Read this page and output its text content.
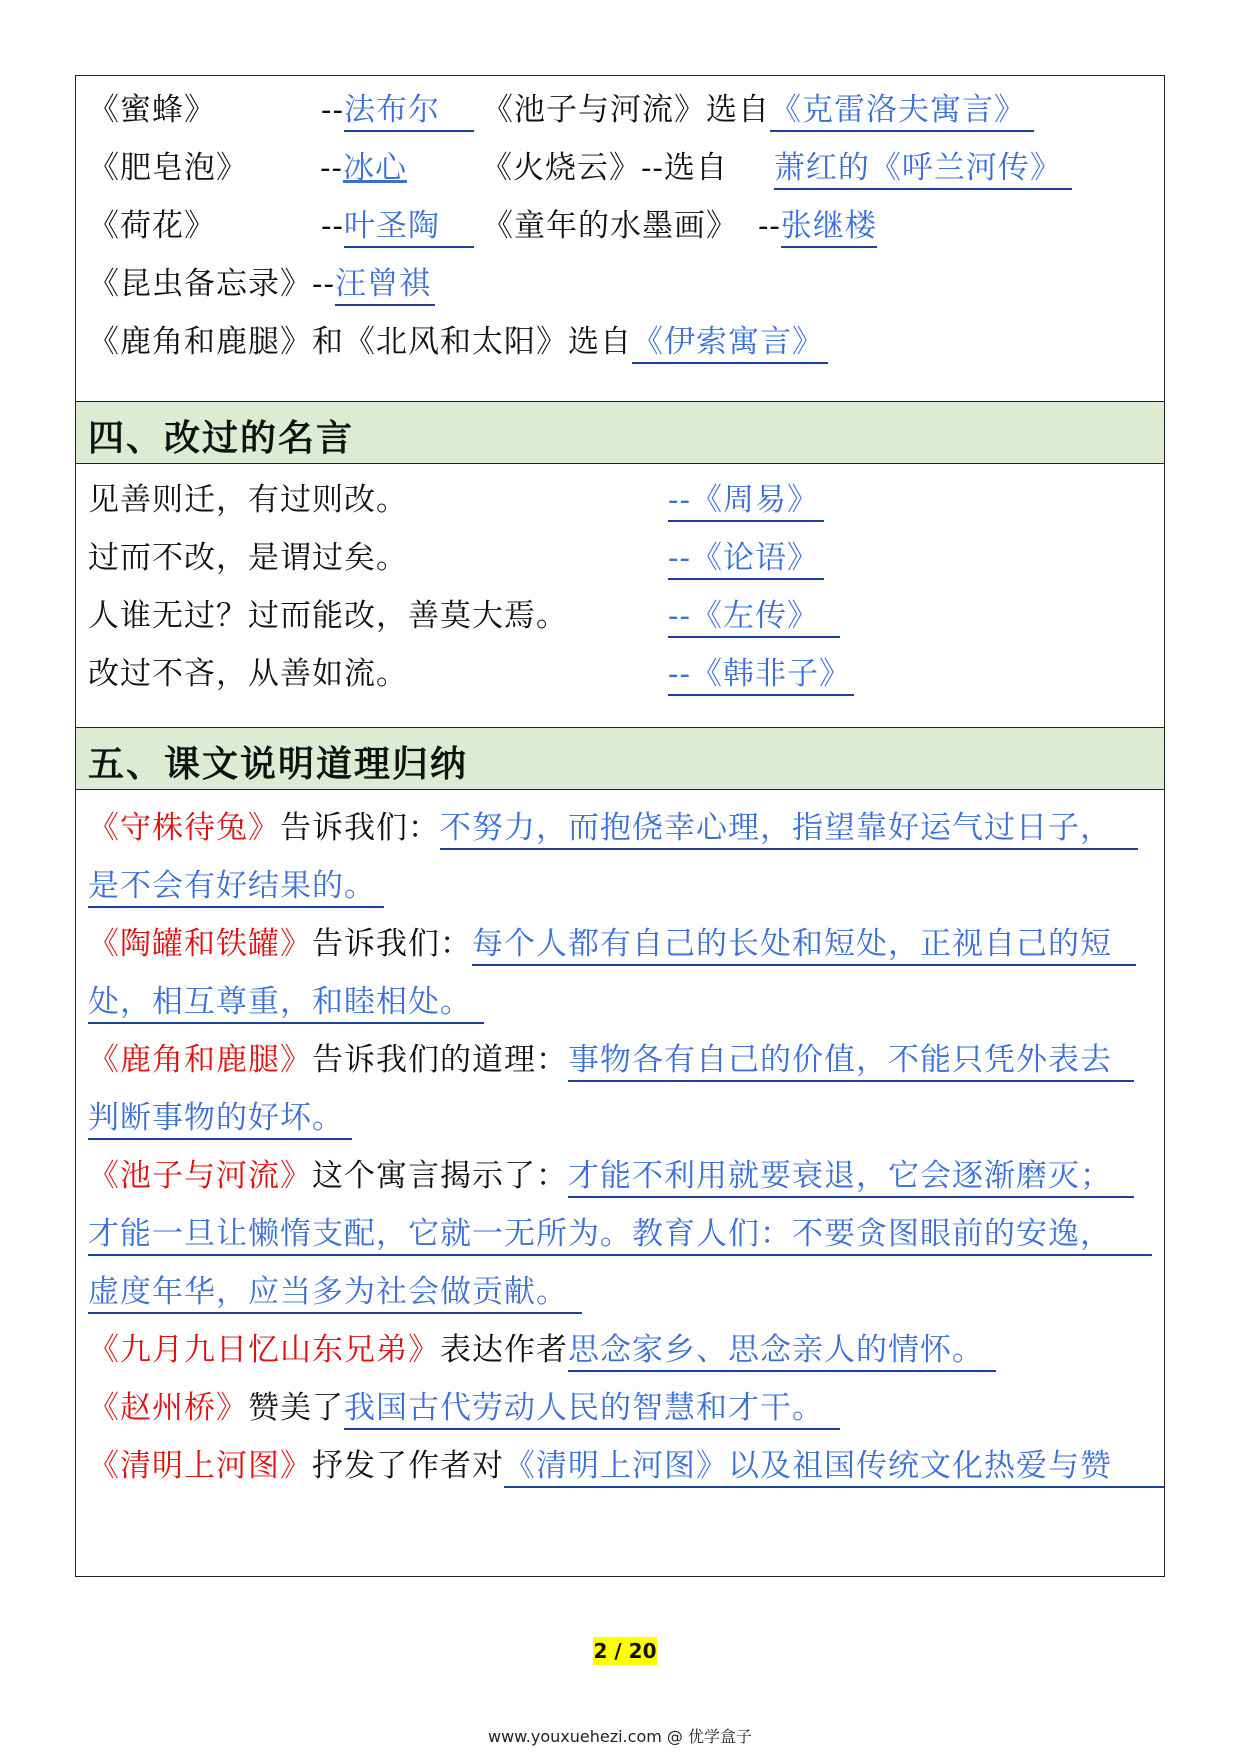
《蜜蜂》	--法布尔 《池子与河流》选自《克雷洛夫寓言》
《肥皂泡》 --冰心 《火烧云》--选自 萧红的《呼兰河传》
《荷花》	--叶圣陶 《童年的水墨画》 --张继楼
《昆虫备忘录》--汪曾祺
《鹿角和鹿腿》和《北风和太阳》选自《伊索寓言》
四、改过的名言
见善则迁，有过则改。	--《周易》
过而不改，是谓过矣。	--《论语》
人谁无过？过而能改，善莫大焉。	--《左传》
改过不吝，从善如流。	--《韩非子》
五、课文说明道理归纳
《守株待兔》告诉我们：不努力，而抱侥幸心理，指望靠好运气过日子，
是不会有好结果的。
《陶罐和铁罐》告诉我们：每个人都有自己的长处和短处，正视自己的短
处，相互尊重，和睦相处。
《鹿角和鹿腿》告诉我们的道理：事物各有自己的价值，不能只凭外表去
判断事物的好坏。
《池子与河流》这个寓言揭示了：才能不利用就要衰退，它会逐渐磨灭；
才能一旦让懒惰支配，它就一无所为。教育人们：不要贪图眼前的安逸，
虚度年华，应当多为社会做贡献。
《九月九日忆山东兄弟》表达作者思念家乡、思念亲人的情怀。
《赵州桥》赞美了我国古代劳动人民的智慧和才干。
《清明上河图》抒发了作者对《清明上河图》以及祖国传统文化热爱与赞
2 / 20
www.youxuehezi.com @ 优学盒子
